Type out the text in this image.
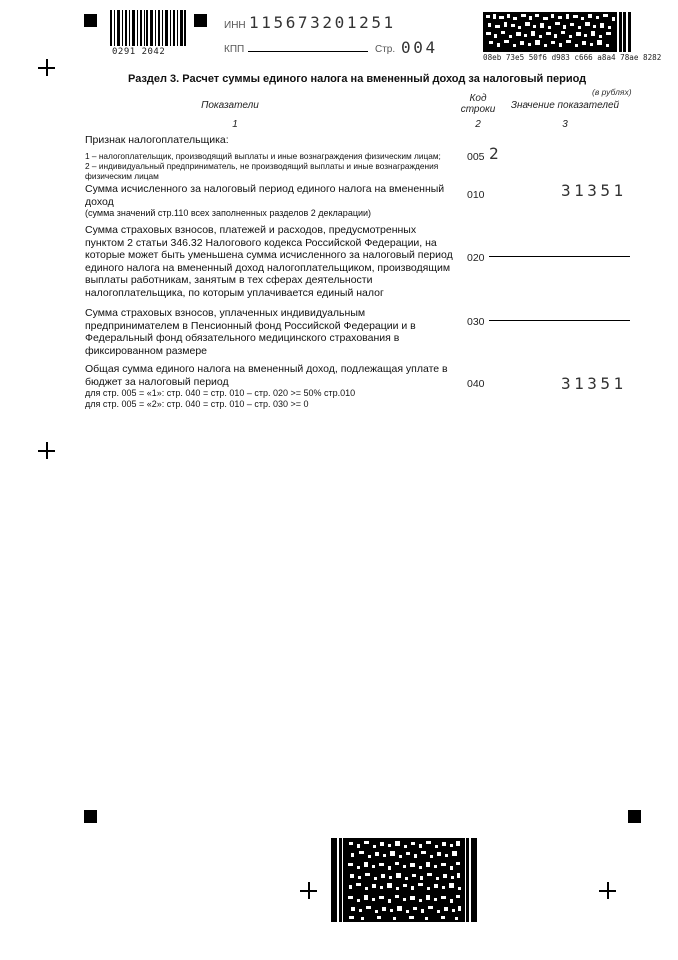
0291 2042
ИНН 115673201251
КПП	Стр. 004
08eb 73e5 50f6 d983 c666 a8a4 78ae 8282
Раздел 3. Расчет суммы единого налога на вмененный доход за налоговый период
(в рублях)
Показатели
Код
строки	Значение показателей
1	2	3
Признак налогоплательщика:
1 – налогоплательщик, производящий выплаты и иные вознаграждения физическим лицам;
2 – индивидуальный предприниматель, не производящий выплаты и иные вознаграждения физическим лицам
005 2
Сумма исчисленного за налоговый период единого налога на вмененный доход
(сумма значений стр.110 всех заполненных разделов 2 декларации)
010	31351
Сумма страховых взносов, платежей и расходов, предусмотренных пунктом 2 статьи 346.32 Налогового кодекса Российской Федерации, на которые может быть уменьшена сумма исчисленного за налоговый период единого налога на вмененный доход налогоплательщиком, производящим выплаты работникам, занятым в тех сферах деятельности налогоплательщика, по которым уплачивается единый налог
020
Сумма страховых взносов, уплаченных индивидуальным предпринимателем в Пенсионный фонд Российской Федерации и в Федеральный фонд обязательного медицинского страхования в фиксированном размере
030
Общая сумма единого налога на вмененный доход, подлежащая уплате в бюджет за налоговый период
для стр. 005 = «1»: стр. 040 = стр. 010 – стр. 020 >= 50% стр.010
для стр. 005 = «2»: стр. 040 = стр. 010 – стр. 030 >= 0
040	31351
